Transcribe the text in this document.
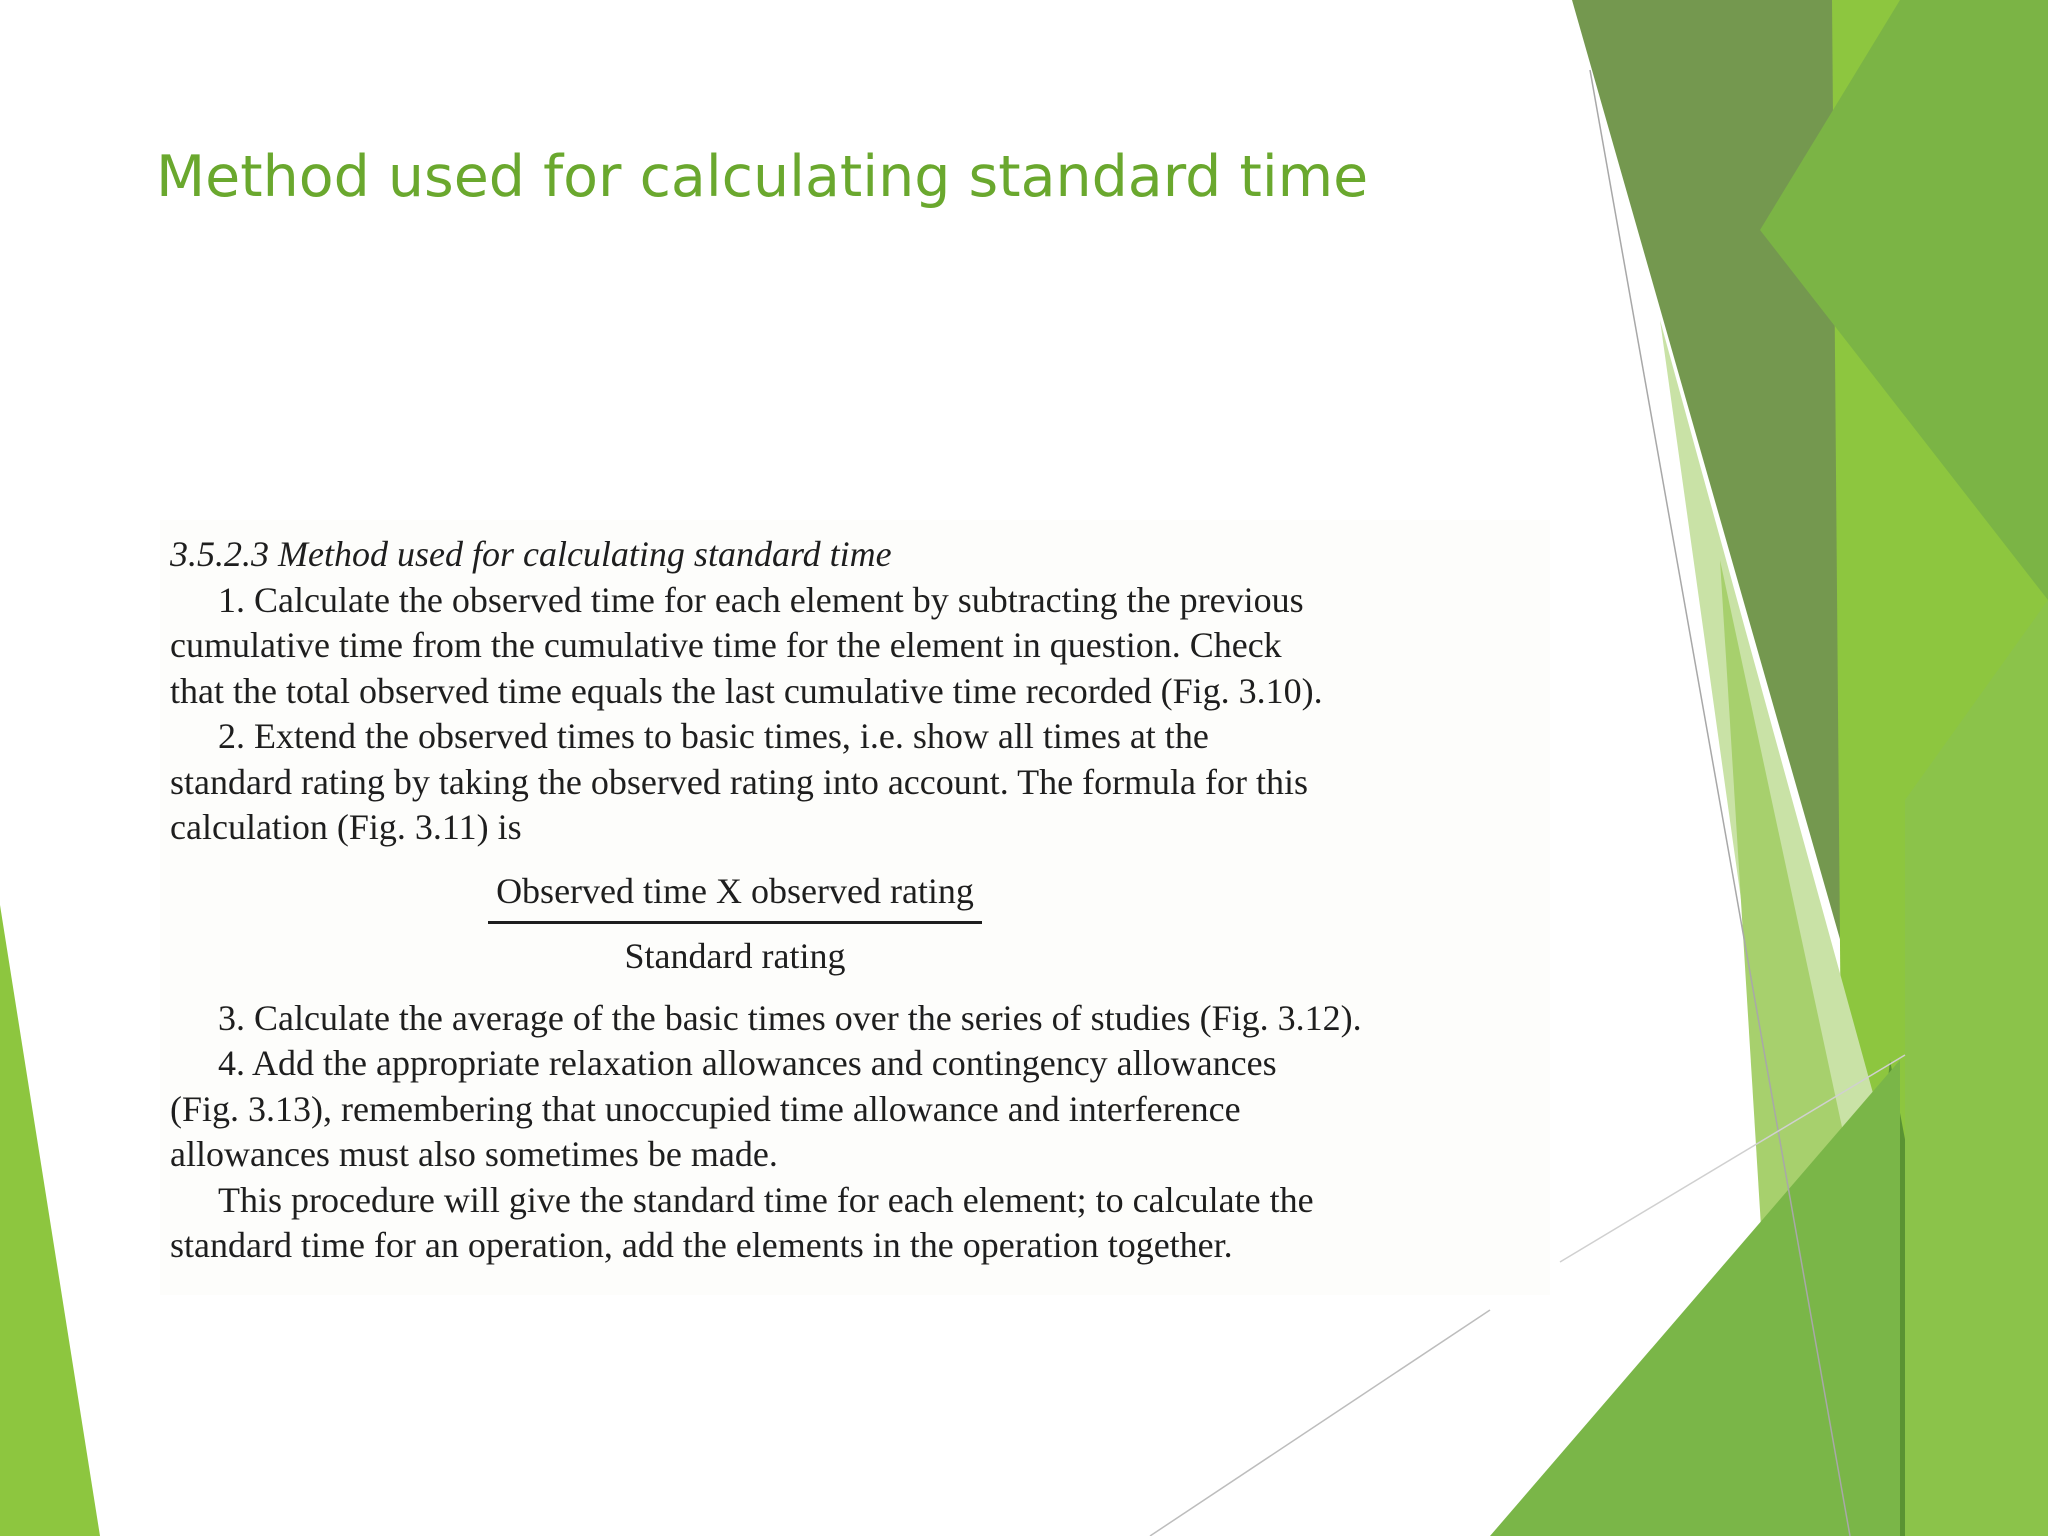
Method used for calculating standard time
3.5.2.3 Method used for calculating standard time
1. Calculate the observed time for each element by subtracting the previous
cumulative time from the cumulative time for the element in question. Check
that the total observed time equals the last cumulative time recorded (Fig. 3.10).
2. Extend the observed times to basic times, i.e. show all times at the
standard rating by taking the observed rating into account. The formula for this
calculation (Fig. 3.11) is
Observed time X observed rating
Standard rating
3. Calculate the average of the basic times over the series of studies (Fig. 3.12).
4. Add the appropriate relaxation allowances and contingency allowances
(Fig. 3.13), remembering that unoccupied time allowance and interference
allowances must also sometimes be made.
This procedure will give the standard time for each element; to calculate the
standard time for an operation, add the elements in the operation together.
